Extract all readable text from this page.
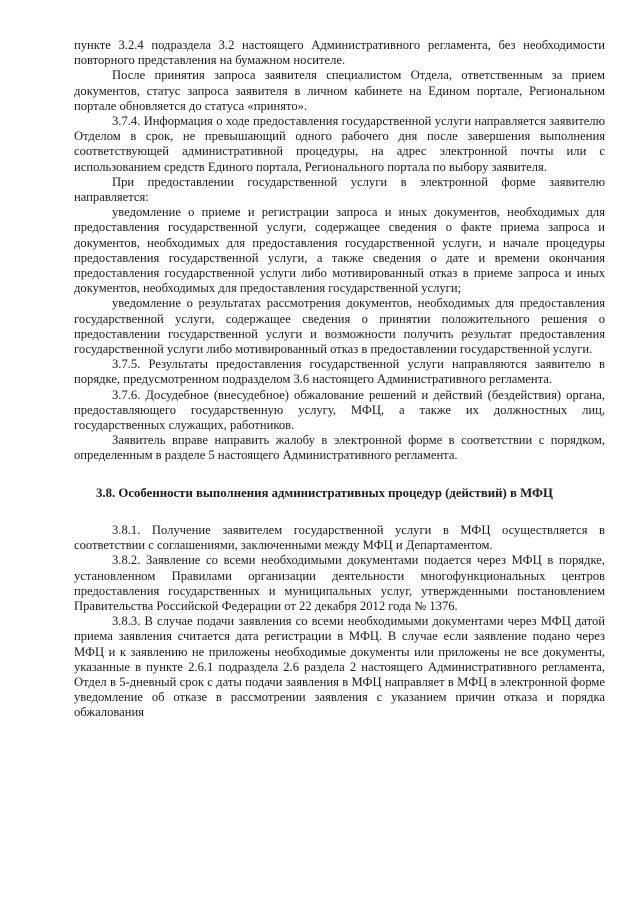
пункте 3.2.4 подраздела 3.2 настоящего Административного регламента, без необходимости повторного представления на бумажном носителе.

После принятия запроса заявителя специалистом Отдела, ответственным за прием документов, статус запроса заявителя в личном кабинете на Едином портале, Региональном портале обновляется до статуса «принято».

3.7.4. Информация о ходе предоставления государственной услуги направляется заявителю Отделом в срок, не превышающий одного рабочего дня после завершения выполнения соответствующей административной процедуры, на адрес электронной почты или с использованием средств Единого портала, Регионального портала по выбору заявителя.

При предоставлении государственной услуги в электронной форме заявителю направляется:

уведомление о приеме и регистрации запроса и иных документов, необходимых для предоставления государственной услуги, содержащее сведения о факте приема запроса и документов, необходимых для предоставления государственной услуги, и начале процедуры предоставления государственной услуги, а также сведения о дате и времени окончания предоставления государственной услуги либо мотивированный отказ в приеме запроса и иных документов, необходимых для предоставления государственной услуги;

уведомление о результатах рассмотрения документов, необходимых для предоставления государственной услуги, содержащее сведения о принятии положительного решения о предоставлении государственной услуги и возможности получить результат предоставления государственной услуги либо мотивированный отказ в предоставлении государственной услуги.

3.7.5. Результаты предоставления государственной услуги направляются заявителю в порядке, предусмотренном подразделом 3.6 настоящего Административного регламента.

3.7.6. Досудебное (внесудебное) обжалование решений и действий (бездействия) органа, предоставляющего государственную услугу, МФЦ, а также их должностных лиц, государственных служащих, работников.

Заявитель вправе направить жалобу в электронной форме в соответствии с порядком, определенным в разделе 5 настоящего Административного регламента.

3.8. Особенности выполнения административных процедур (действий) в МФЦ

3.8.1. Получение заявителем государственной услуги в МФЦ осуществляется в соответствии с соглашениями, заключенными между МФЦ и Департаментом.

3.8.2. Заявление со всеми необходимыми документами подается через МФЦ в порядке, установленном Правилами организации деятельности многофункциональных центров предоставления государственных и муниципальных услуг, утвержденными постановлением Правительства Российской Федерации от 22 декабря 2012 года № 1376.

3.8.3. В случае подачи заявления со всеми необходимыми документами через МФЦ датой приема заявления считается дата регистрации в МФЦ. В случае если заявление подано через МФЦ и к заявлению не приложены необходимые документы или приложены не все документы, указанные в пункте 2.6.1 подраздела 2.6 раздела 2 настоящего Административного регламента, Отдел в 5-дневный срок с даты подачи заявления в МФЦ направляет в МФЦ в электронной форме уведомление об отказе в рассмотрении заявления с указанием причин отказа и порядка обжалования
